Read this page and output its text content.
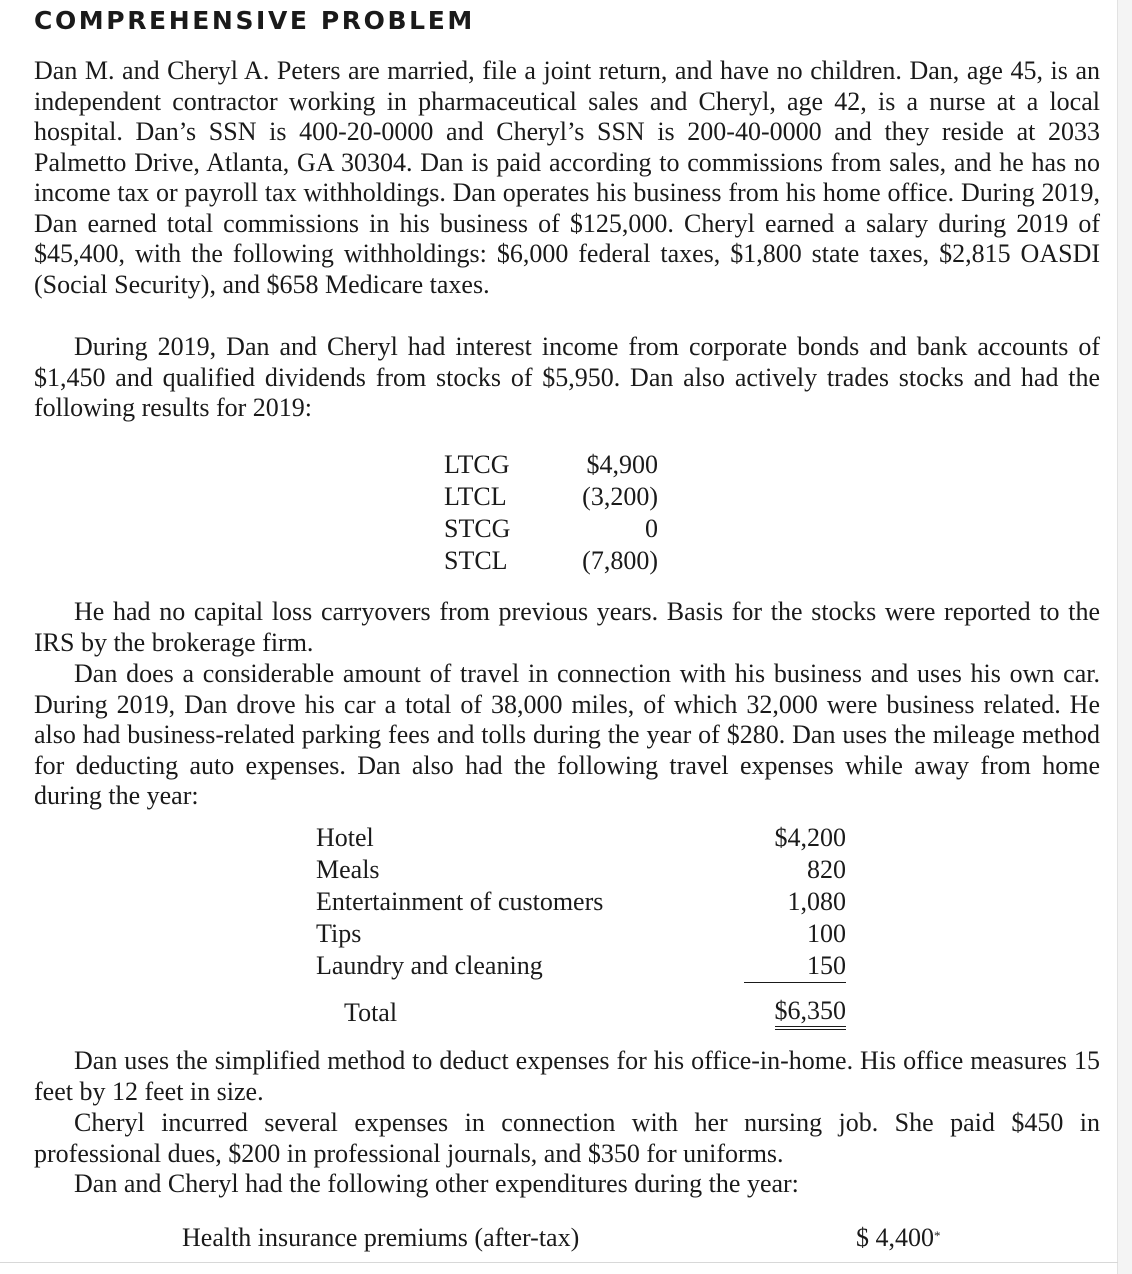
COMPREHENSIVE PROBLEM

Dan M. and Cheryl A. Peters are married, file a joint return, and have no children. Dan, age 45, is an independent contractor working in pharmaceutical sales and Cheryl, age 42, is a nurse at a local hospital. Dan’s SSN is 400-20-0000 and Cheryl’s SSN is 200-40-0000 and they reside at 2033 Palmetto Drive, Atlanta, GA 30304. Dan is paid according to commissions from sales, and he has no income tax or payroll tax withholdings. Dan operates his business from his home office. During 2019, Dan earned total commissions in his business of $125,000. Cheryl earned a salary during 2019 of $45,400, with the following withholdings: $6,000 federal taxes, $1,800 state taxes, $2,815 OASDI (Social Security), and $658 Medicare taxes.

During 2019, Dan and Cheryl had interest income from corporate bonds and bank accounts of $1,450 and qualified dividends from stocks of $5,950. Dan also actively trades stocks and had the following results for 2019:

LTCG	$4,900
LTCL	(3,200)
STCG	0
STCL	(7,800)

He had no capital loss carryovers from previous years. Basis for the stocks were reported to the IRS by the brokerage firm.

Dan does a considerable amount of travel in connection with his business and uses his own car. During 2019, Dan drove his car a total of 38,000 miles, of which 32,000 were business related. He also had business-related parking fees and tolls during the year of $280. Dan uses the mileage method for deducting auto expenses. Dan also had the following travel expenses while away from home during the year:

Hotel	$4,200
Meals	820
Entertainment of customers	1,080
Tips	100
Laundry and cleaning	150

Total	$6,350

Dan uses the simplified method to deduct expenses for his office-in-home. His office measures 15 feet by 12 feet in size.

Cheryl incurred several expenses in connection with her nursing job. She paid $450 in professional dues, $200 in professional journals, and $350 for uniforms.

Dan and Cheryl had the following other expenditures during the year:

Health insurance premiums (after-tax)	$ 4,400*
